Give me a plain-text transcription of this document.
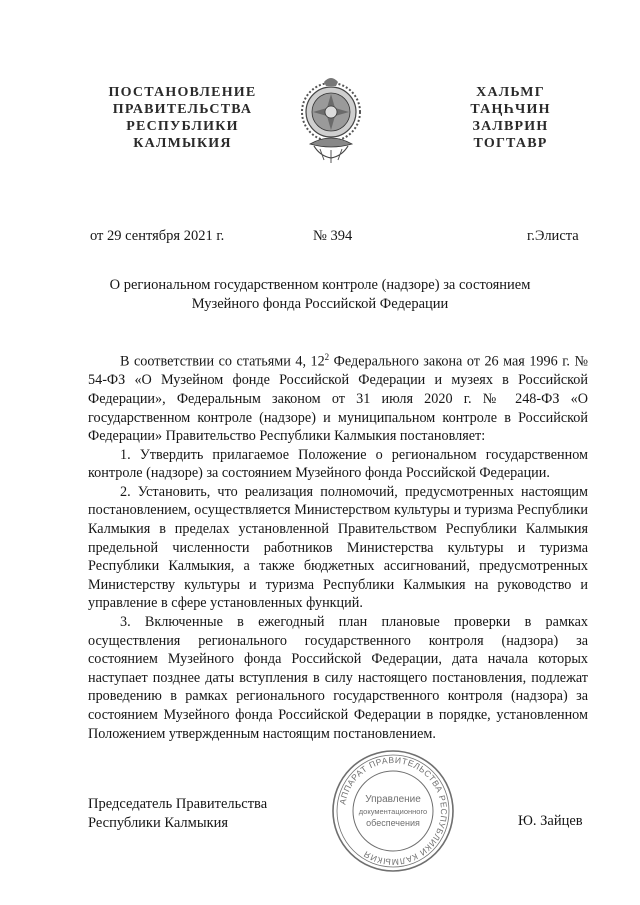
ПОСТАНОВЛЕНИЕ
ПРАВИТЕЛЬСТВА
РЕСПУБЛИКИ
КАЛМЫКИЯ
ХАЛЬМГ
ТАҢҺЧИН
ЗАЛВРИН
ТОГТАВР
от 29 сентября 2021 г.	№ 394	г.Элиста
О региональном государственном контроле (надзоре) за состоянием
Музейного фонда Российской Федерации

В соответствии со статьями 4, $12^2$ Федерального закона от 26 мая 1996 г. № 54-ФЗ «О Музейном фонде Российской Федерации и музеях в Российской Федерации», Федеральным законом от 31 июля 2020 г. № 248-ФЗ «О государственном контроле (надзоре) и муниципальном контроле в Российской Федерации» Правительство Республики Калмыкия постановляет:

1. Утвердить прилагаемое Положение о региональном государственном контроле (надзоре) за состоянием Музейного фонда Российской Федерации.

2. Установить, что реализация полномочий, предусмотренных настоящим постановлением, осуществляется Министерством культуры и туризма Республики Калмыкия в пределах установленной Правительством Республики Калмыкия предельной численности работников Министерства культуры и туризма Республики Калмыкия, а также бюджетных ассигнований, предусмотренных Министерству культуры и туризма Республики Калмыкия на руководство и управление в сфере установленных функций.

3. Включенные в ежегодный план плановые проверки в рамках осуществления регионального государственного контроля (надзора) за состоянием Музейного фонда Российской Федерации, дата начала которых наступает позднее даты вступления в силу настоящего постановления, подлежат проведению в рамках регионального государственного контроля (надзора) за состоянием Музейного фонда Российской Федерации в порядке, установленном Положением утвержденным настоящим постановлением.

АППАРАТ ПРАВИТЕЛЬСТВА РЕСПУБЛИКИ КАЛМЫКИЯ
Управление
документационного
обеспечения
Председатель Правительства
Республики Калмыкия	Ю. Зайцев
